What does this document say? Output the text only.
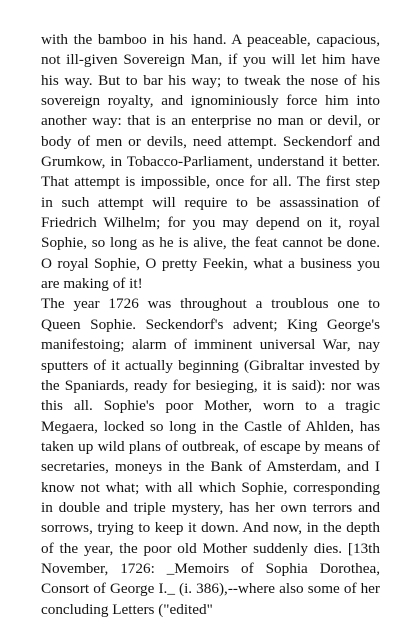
with the bamboo in his hand. A peaceable, capacious, not ill-given Sovereign Man, if you will let him have his way. But to bar his way; to tweak the nose of his sovereign royalty, and ignominiously force him into another way: that is an enterprise no man or devil, or body of men or devils, need attempt. Seckendorf and Grumkow, in Tobacco-Parliament, understand it better. That attempt is impossible, once for all. The first step in such attempt will require to be assassination of Friedrich Wilhelm; for you may depend on it, royal Sophie, so long as he is alive, the feat cannot be done. O royal Sophie, O pretty Feekin, what a business you are making of it!

The year 1726 was throughout a troublous one to Queen Sophie. Seckendorf's advent; King George's manifestoing; alarm of imminent universal War, nay sputters of it actually beginning (Gibraltar invested by the Spaniards, ready for besieging, it is said): nor was this all. Sophie's poor Mother, worn to a tragic Megaera, locked so long in the Castle of Ahlden, has taken up wild plans of outbreak, of escape by means of secretaries, moneys in the Bank of Amsterdam, and I know not what; with all which Sophie, corresponding in double and triple mystery, has her own terrors and sorrows, trying to keep it down. And now, in the depth of the year, the poor old Mother suddenly dies. [13th November, 1726: _Memoirs of Sophia Dorothea, Consort of George I._ (i. 386),--where also some of her concluding Letters ("edited"
